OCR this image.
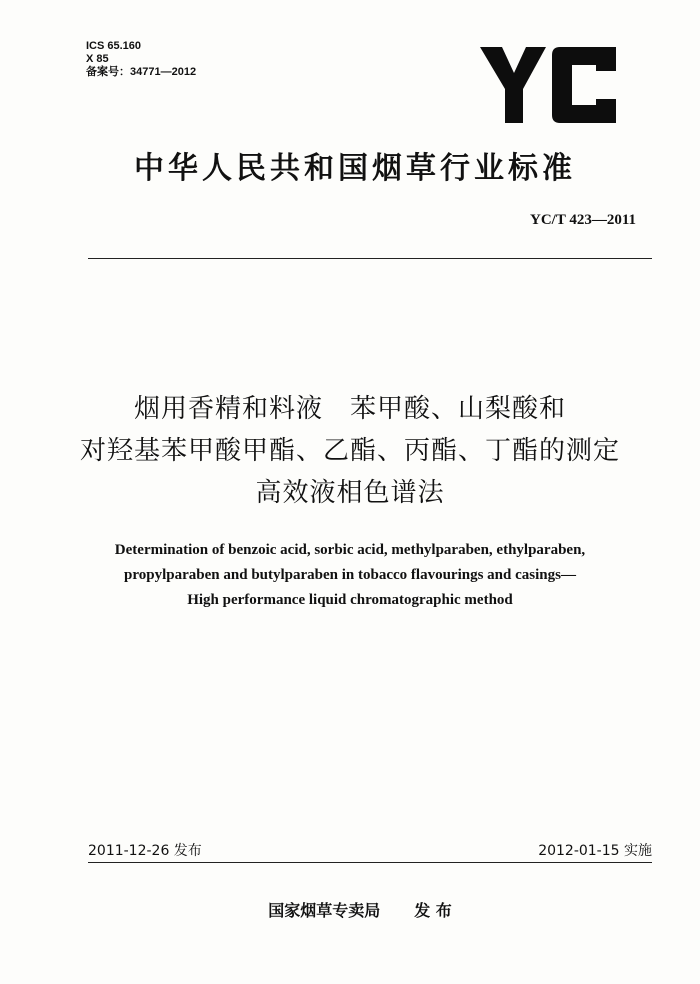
ICS 65.160
X 85
备案号：34771—2012
中华人民共和国烟草行业标准
YC/T 423—2011
烟用香精和料液　苯甲酸、山梨酸和
对羟基苯甲酸甲酯、乙酯、丙酯、丁酯的测定
高效液相色谱法
Determination of benzoic acid, sorbic acid, methylparaben, ethylparaben,
propylparaben and butylparaben in tobacco flavourings and casings—
High performance liquid chromatographic method
2011-12-26 发布	2012-01-15 实施
国家烟草专卖局 发 布
